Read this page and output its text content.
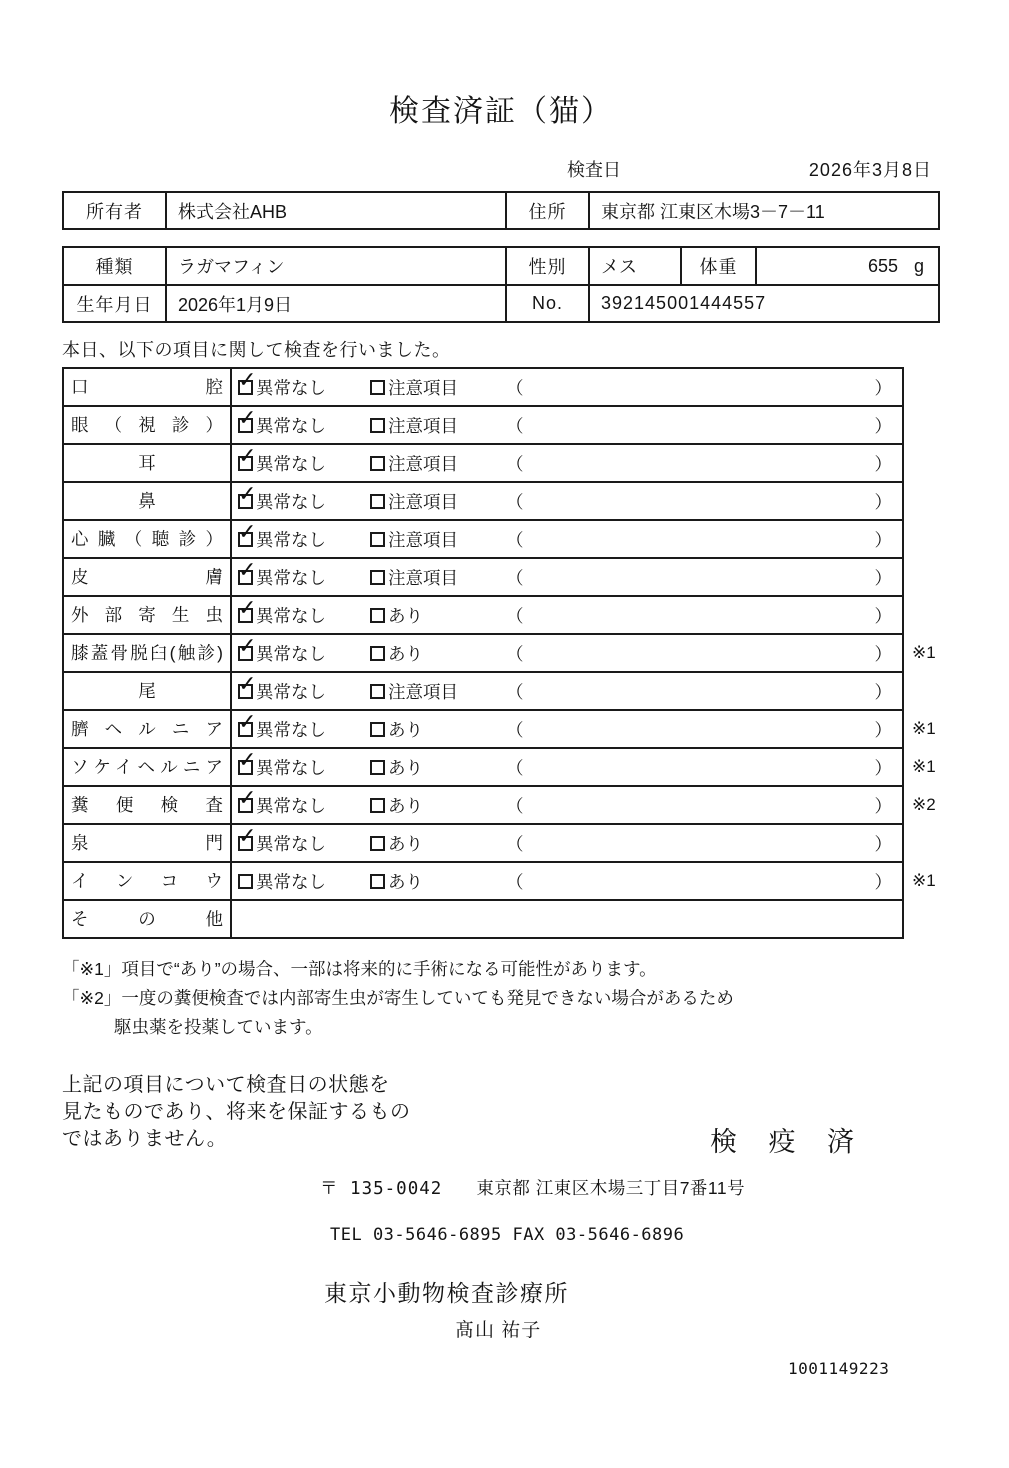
検査済証（猫）
検査日	2026年3月8日
所有者	株式会社AHB	住所	東京都 江東区木場3－7－11
種類	ラガマフィン	性別	メス	体重	655 g
生年月日	2026年1月9日	No.	392145001444557

本日、以下の項目に関して検査を行いました。

口腔 ✓ 異常なし	注意項目	（	）
眼（視診） ✓ 異常なし	注意項目	（	）
耳	✓ 異常なし	注意項目	（	）
鼻	✓ 異常なし	注意項目	（	）
心臓（聴診） ✓ 異常なし	注意項目	（	）
皮膚 ✓ 異常なし	注意項目	（	）
外部寄生虫 ✓ 異常なし	あり	（	）
膝蓋骨脱臼(触診) ✓ 異常なし	あり	（	） ※1
尾	✓ 異常なし	注意項目	（	）
臍ヘルニア ✓ 異常なし	あり	（	） ※1
ソケイヘルニア ✓ 異常なし	あり	（	） ※1
糞便検査 ✓ 異常なし	あり	（	） ※2
泉門 ✓ 異常なし	あり	（	）
インコウ	異常なし	あり	（	） ※1
その他
「※1」項目で“あり”の場合、一部は将来的に手術になる可能性があります。
「※2」一度の糞便検査では内部寄生虫が寄生していても発見できない場合があるため
駆虫薬を投薬しています。
上記の項目について検査日の状態を
見たものであり、将来を保証するもの
ではありません。	検 疫 済
〒 135-0042 東京都 江東区木場三丁目7番11号
TEL 03-5646-6895 FAX 03-5646-6896
東京小動物検査診療所
髙山 祐子
1001149223
